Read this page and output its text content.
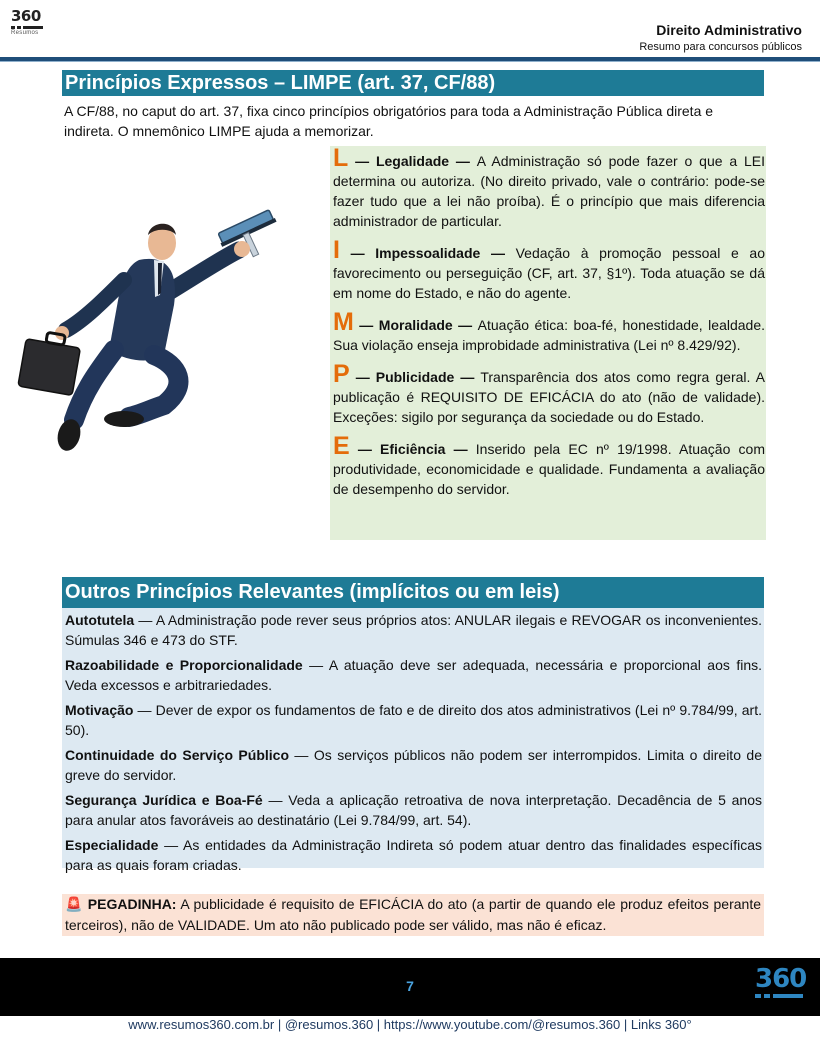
360
Resumos	Direito Administrativo
Resumo para concursos públicos
Princípios Expressos – LIMPE (art. 37, CF/88)
A CF/88, no caput do art. 37, fixa cinco princípios obrigatórios para toda a Administração Pública direta e indireta. O mnemônico LIMPE ajuda a memorizar.

L — Legalidade — A Administração só pode fazer o que a LEI determina ou autoriza. (No direito privado, vale o contrário: pode-se fazer tudo que a lei não proíba). É o princípio que mais diferencia administrador de particular.

I — Impessoalidade — Vedação à promoção pessoal e ao favorecimento ou perseguição (CF, art. 37, §1º). Toda atuação se dá em nome do Estado, e não do agente.

M — Moralidade — Atuação ética: boa-fé, honestidade, lealdade. Sua violação enseja improbidade administrativa (Lei nº 8.429/92).

P — Publicidade — Transparência dos atos como regra geral. A publicação é REQUISITO DE EFICÁCIA do ato (não de validade). Exceções: sigilo por segurança da sociedade ou do Estado.

E — Eficiência — Inserido pela EC nº 19/1998. Atuação com produtividade, economicidade e qualidade. Fundamenta a avaliação de desempenho do servidor.

Outros Princípios Relevantes (implícitos ou em leis)

Autotutela — A Administração pode rever seus próprios atos: ANULAR ilegais e REVOGAR os inconvenientes. Súmulas 346 e 473 do STF.

Razoabilidade e Proporcionalidade — A atuação deve ser adequada, necessária e proporcional aos fins. Veda excessos e arbitrariedades.

Motivação — Dever de expor os fundamentos de fato e de direito dos atos administrativos (Lei nº 9.784/99, art. 50).

Continuidade do Serviço Público — Os serviços públicos não podem ser interrompidos. Limita o direito de greve do servidor.

Segurança Jurídica e Boa-Fé — Veda a aplicação retroativa de nova interpretação. Decadência de 5 anos para anular atos favoráveis ao destinatário (Lei 9.784/99, art. 54).

Especialidade — As entidades da Administração Indireta só podem atuar dentro das finalidades específicas para as quais foram criadas.

🚨 PEGADINHA: A publicidade é requisito de EFICÁCIA do ato (a partir de quando ele produz efeitos perante terceiros), não de VALIDADE. Um ato não publicado pode ser válido, mas não é eficaz.
7	360
www.resumos360.com.br | @resumos.360 | https://www.youtube.com/@resumos.360 | Links 360°
